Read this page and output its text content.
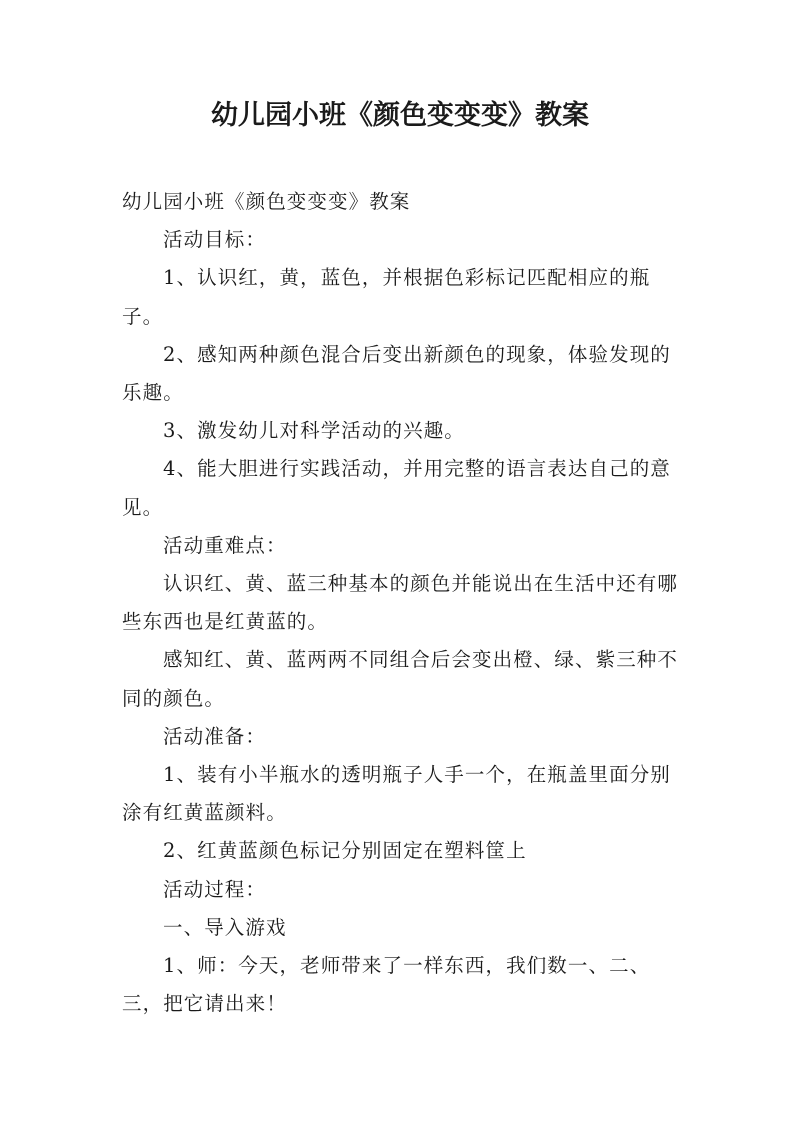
幼儿园小班《颜色变变变》教案

幼儿园小班《颜色变变变》教案

活动目标：

1、认识红，黄，蓝色，并根据色彩标记匹配相应的瓶子。

2、感知两种颜色混合后变出新颜色的现象，体验发现的乐趣。

3、激发幼儿对科学活动的兴趣。

4、能大胆进行实践活动，并用完整的语言表达自己的意见。

活动重难点：

认识红、黄、蓝三种基本的颜色并能说出在生活中还有哪些东西也是红黄蓝的。

感知红、黄、蓝两两不同组合后会变出橙、绿、紫三种不同的颜色。

活动准备：

1、装有小半瓶水的透明瓶子人手一个，在瓶盖里面分别涂有红黄蓝颜料。

2、红黄蓝颜色标记分别固定在塑料筐上

活动过程：

一、导入游戏

1、师：今天，老师带来了一样东西，我们数一、二、三，把它请出来！
